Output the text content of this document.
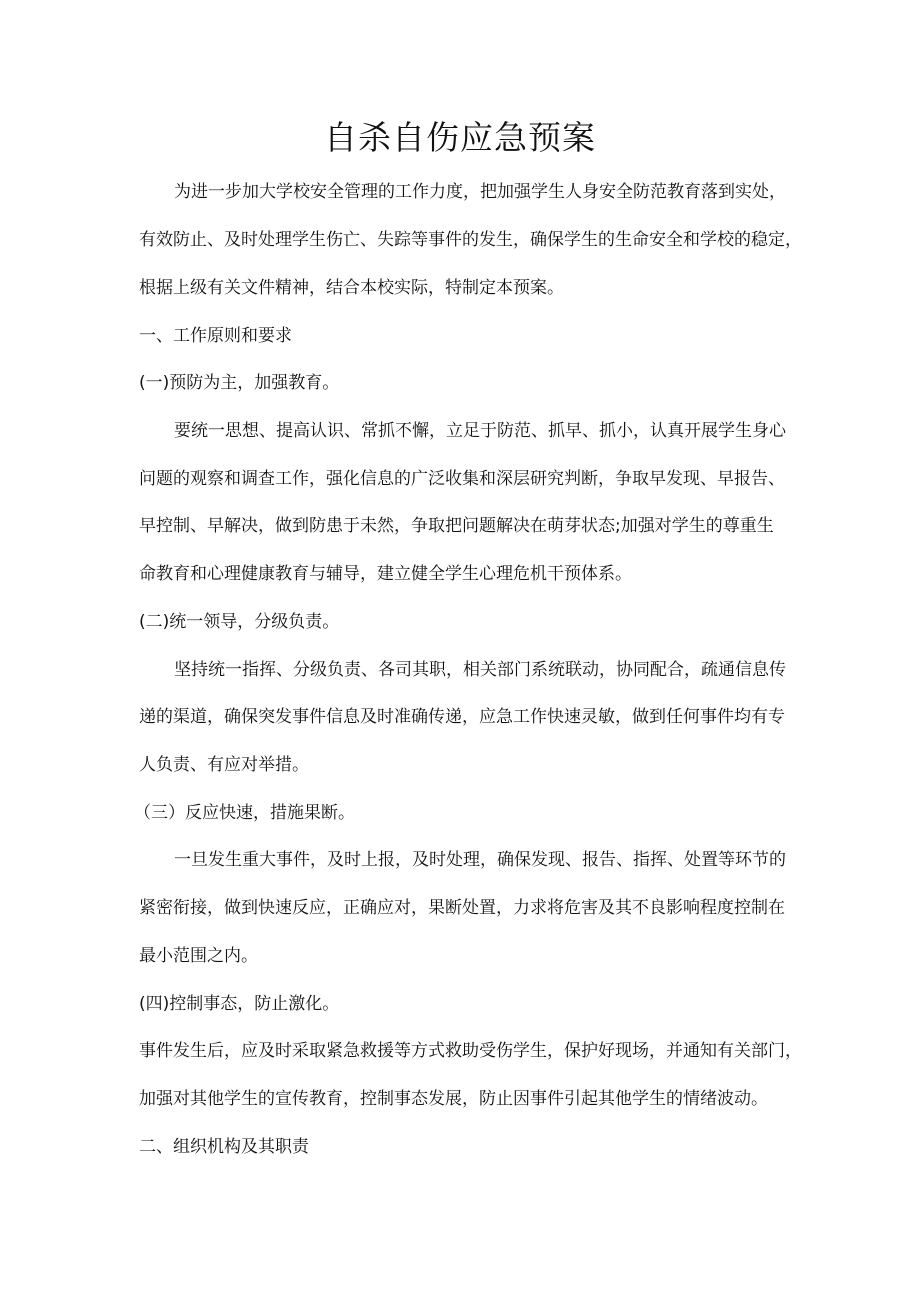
自杀自伤应急预案

为进一步加大学校安全管理的工作力度，把加强学生人身安全防范教育落到实处，

有效防止、及时处理学生伤亡、失踪等事件的发生，确保学生的生命安全和学校的稳定，

根据上级有关文件精神，结合本校实际，特制定本预案。

一、工作原则和要求

(一)预防为主，加强教育。

要统一思想、提高认识、常抓不懈，立足于防范、抓早、抓小，认真开展学生身心

问题的观察和调查工作，强化信息的广泛收集和深层研究判断，争取早发现、早报告、

早控制、早解决，做到防患于未然，争取把问题解决在萌芽状态;加强对学生的尊重生

命教育和心理健康教育与辅导，建立健全学生心理危机干预体系。

(二)统一领导，分级负责。

坚持统一指挥、分级负责、各司其职，相关部门系统联动，协同配合，疏通信息传

递的渠道，确保突发事件信息及时准确传递，应急工作快速灵敏，做到任何事件均有专

人负责、有应对举措。

（三）反应快速，措施果断。

一旦发生重大事件，及时上报，及时处理，确保发现、报告、指挥、处置等环节的

紧密衔接，做到快速反应，正确应对，果断处置，力求将危害及其不良影响程度控制在

最小范围之内。

(四)控制事态，防止激化。

事件发生后，应及时采取紧急救援等方式救助受伤学生，保护好现场，并通知有关部门，

加强对其他学生的宣传教育，控制事态发展，防止因事件引起其他学生的情绪波动。

二、组织机构及其职责
